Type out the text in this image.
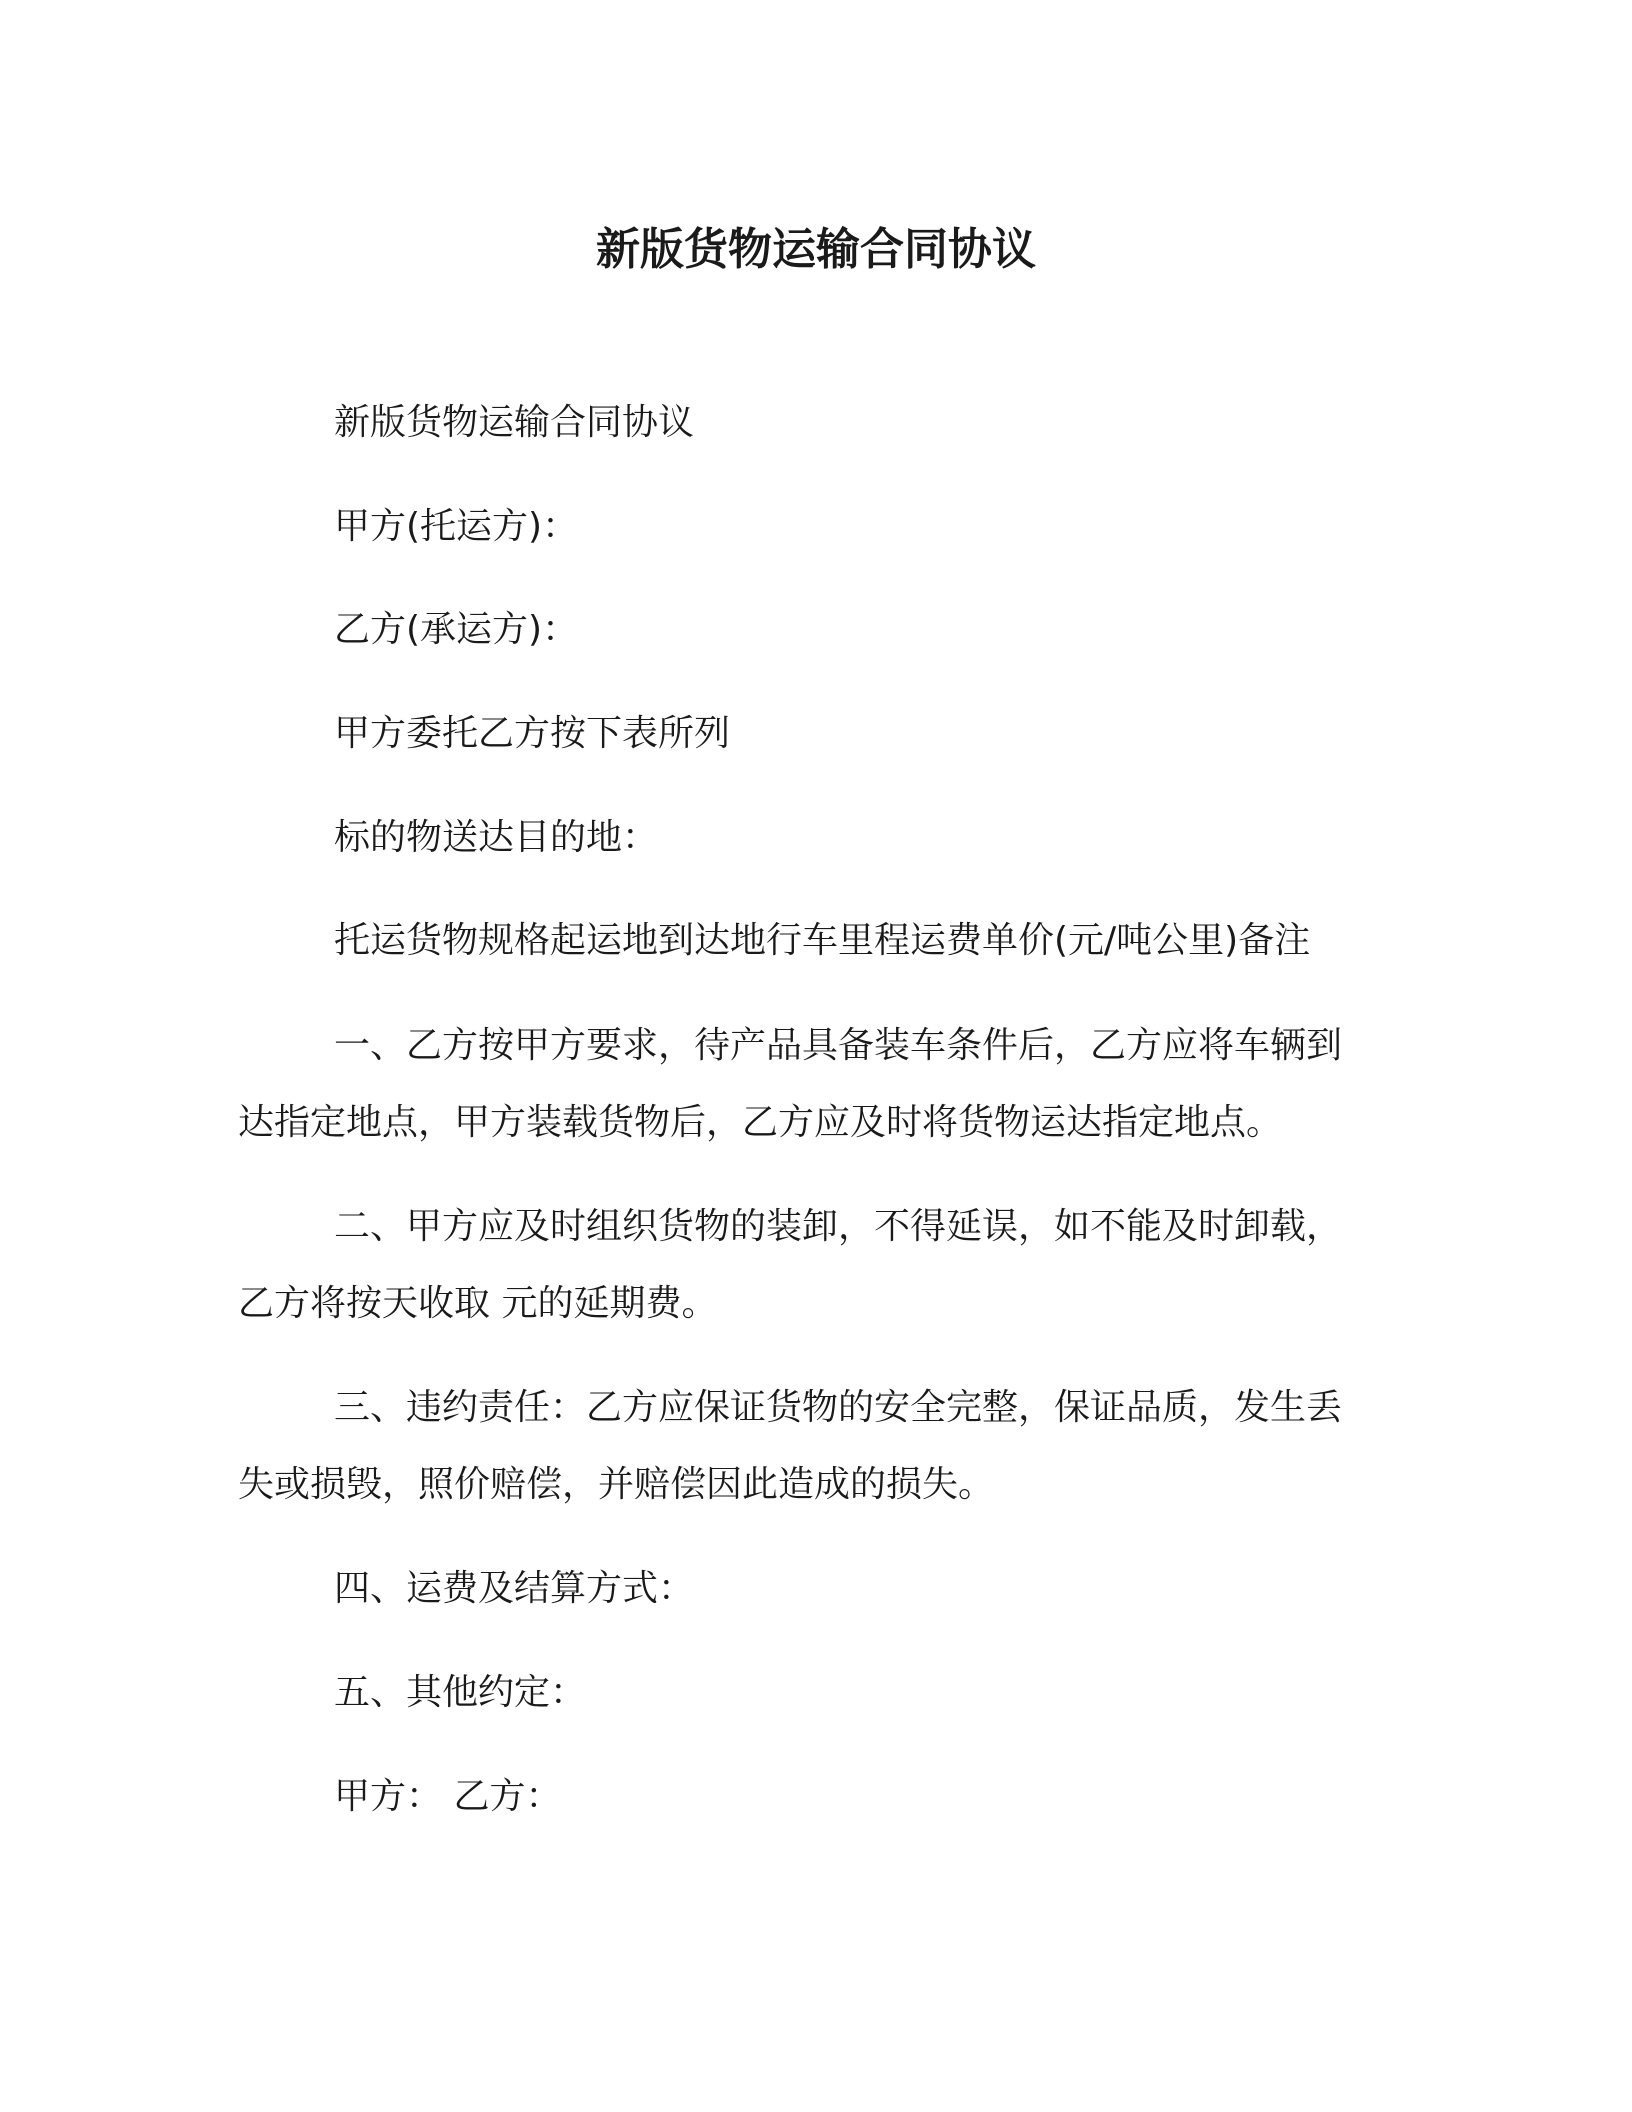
新版货物运输合同协议
新版货物运输合同协议
甲方(托运方)：
乙方(承运方)：
甲方委托乙方按下表所列
标的物送达目的地：
托运货物规格起运地到达地行车里程运费单价(元/吨公里)备注
一、乙方按甲方要求，待产品具备装车条件后，乙方应将车辆到
达指定地点，甲方装载货物后，乙方应及时将货物运达指定地点。
二、甲方应及时组织货物的装卸，不得延误，如不能及时卸载，
乙方将按天收取 元的延期费。
三、违约责任：乙方应保证货物的安全完整，保证品质，发生丢
失或损毁，照价赔偿，并赔偿因此造成的损失。
四、运费及结算方式：
五、其他约定：
甲方： 乙方：
